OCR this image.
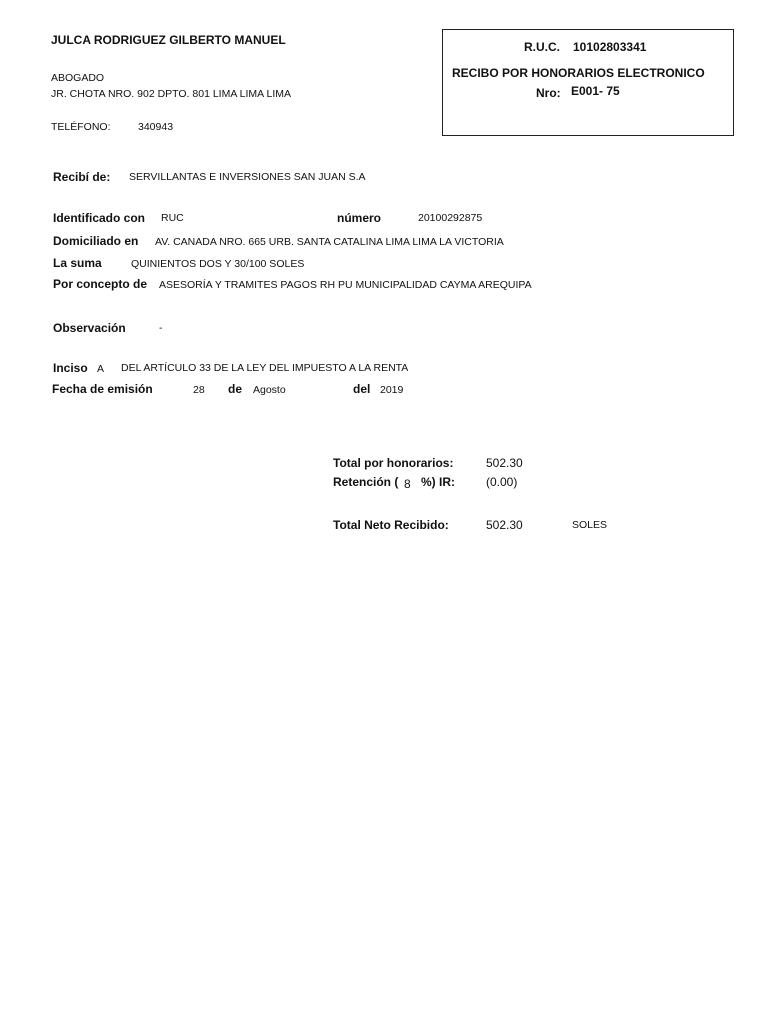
JULCA RODRIGUEZ GILBERTO MANUEL
ABOGADO
JR. CHOTA NRO. 902 DPTO. 801 LIMA LIMA LIMA
TELÉFONO:	340943
R.U.C. 10102803341
RECIBO POR HONORARIOS ELECTRONICO
Nro: E001- 75
Recibí de: SERVILLANTAS E INVERSIONES SAN JUAN S.A
Identificado con RUC	número	20100292875
Domiciliado en AV. CANADA NRO. 665 URB. SANTA CATALINA LIMA LIMA LA VICTORIA
La suma	QUINIENTOS DOS Y 30/100 SOLES
Por concepto de ASESORÍA Y TRAMITES PAGOS RH PU MUNICIPALIDAD CAYMA AREQUIPA
Observación	-
Inciso A DEL ARTÍCULO 33 DE LA LEY DEL IMPUESTO A LA RENTA
Fecha de emisión	28 de Agosto	del 2019
Total por honorarios:	502.30
Retención ( 8 %) IR:	(0.00)
Total Neto Recibido:	502.30	SOLES
